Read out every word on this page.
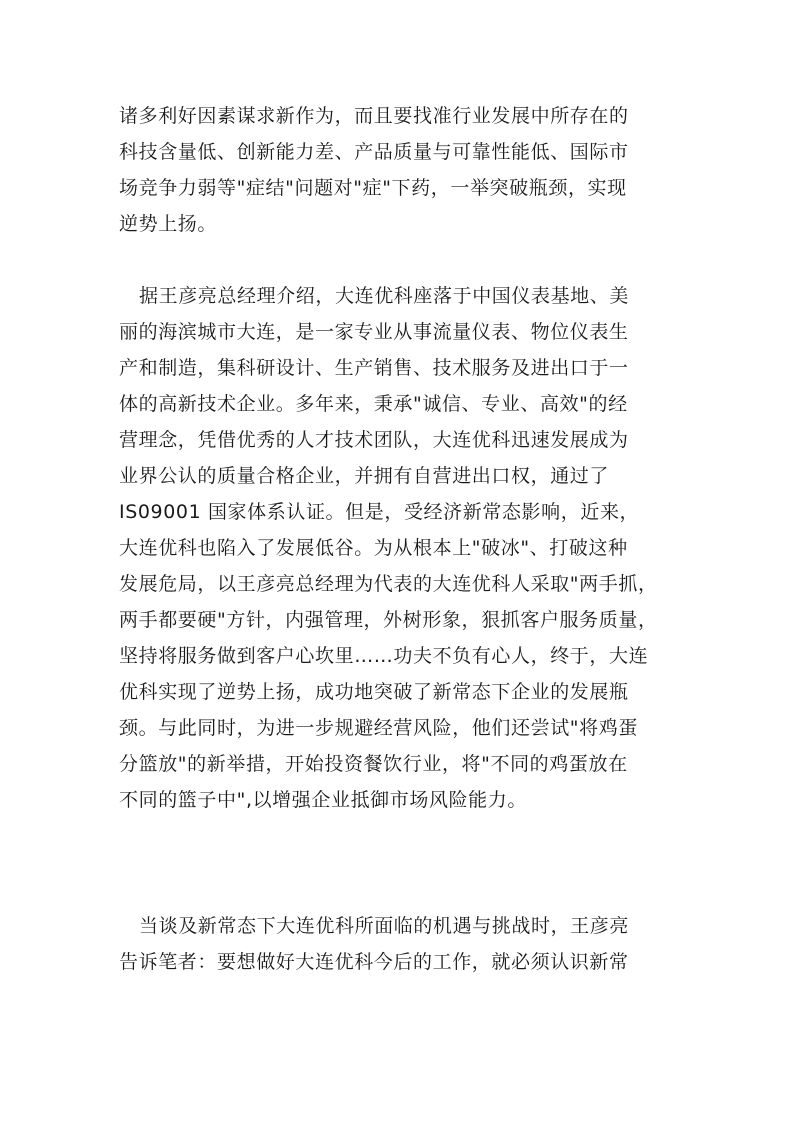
诸多利好因素谋求新作为，而且要找准行业发展中所存在的
科技含量低、创新能力差、产品质量与可靠性能低、国际市
场竞争力弱等"症结"问题对"症"下药，一举突破瓶颈，实现
逆势上扬。
据王彦亮总经理介绍，大连优科座落于中国仪表基地、美
丽的海滨城市大连，是一家专业从事流量仪表、物位仪表生
产和制造，集科研设计、生产销售、技术服务及进出口于一
体的高新技术企业。多年来，秉承"诚信、专业、高效"的经
营理念，凭借优秀的人才技术团队，大连优科迅速发展成为
业界公认的质量合格企业，并拥有自营进出口权，通过了
IS09001 国家体系认证。但是，受经济新常态影响，近来，
大连优科也陷入了发展低谷。为从根本上"破冰"、打破这种
发展危局，以王彦亮总经理为代表的大连优科人采取"两手抓，
两手都要硬"方针，内强管理，外树形象，狠抓客户服务质量，
坚持将服务做到客户心坎里……功夫不负有心人，终于，大连
优科实现了逆势上扬，成功地突破了新常态下企业的发展瓶
颈。与此同时，为进一步规避经营风险，他们还尝试"将鸡蛋
分篮放"的新举措，开始投资餐饮行业，将"不同的鸡蛋放在
不同的篮子中",以增强企业抵御市场风险能力。
当谈及新常态下大连优科所面临的机遇与挑战时，王彦亮
告诉笔者：要想做好大连优科今后的工作，就必须认识新常
